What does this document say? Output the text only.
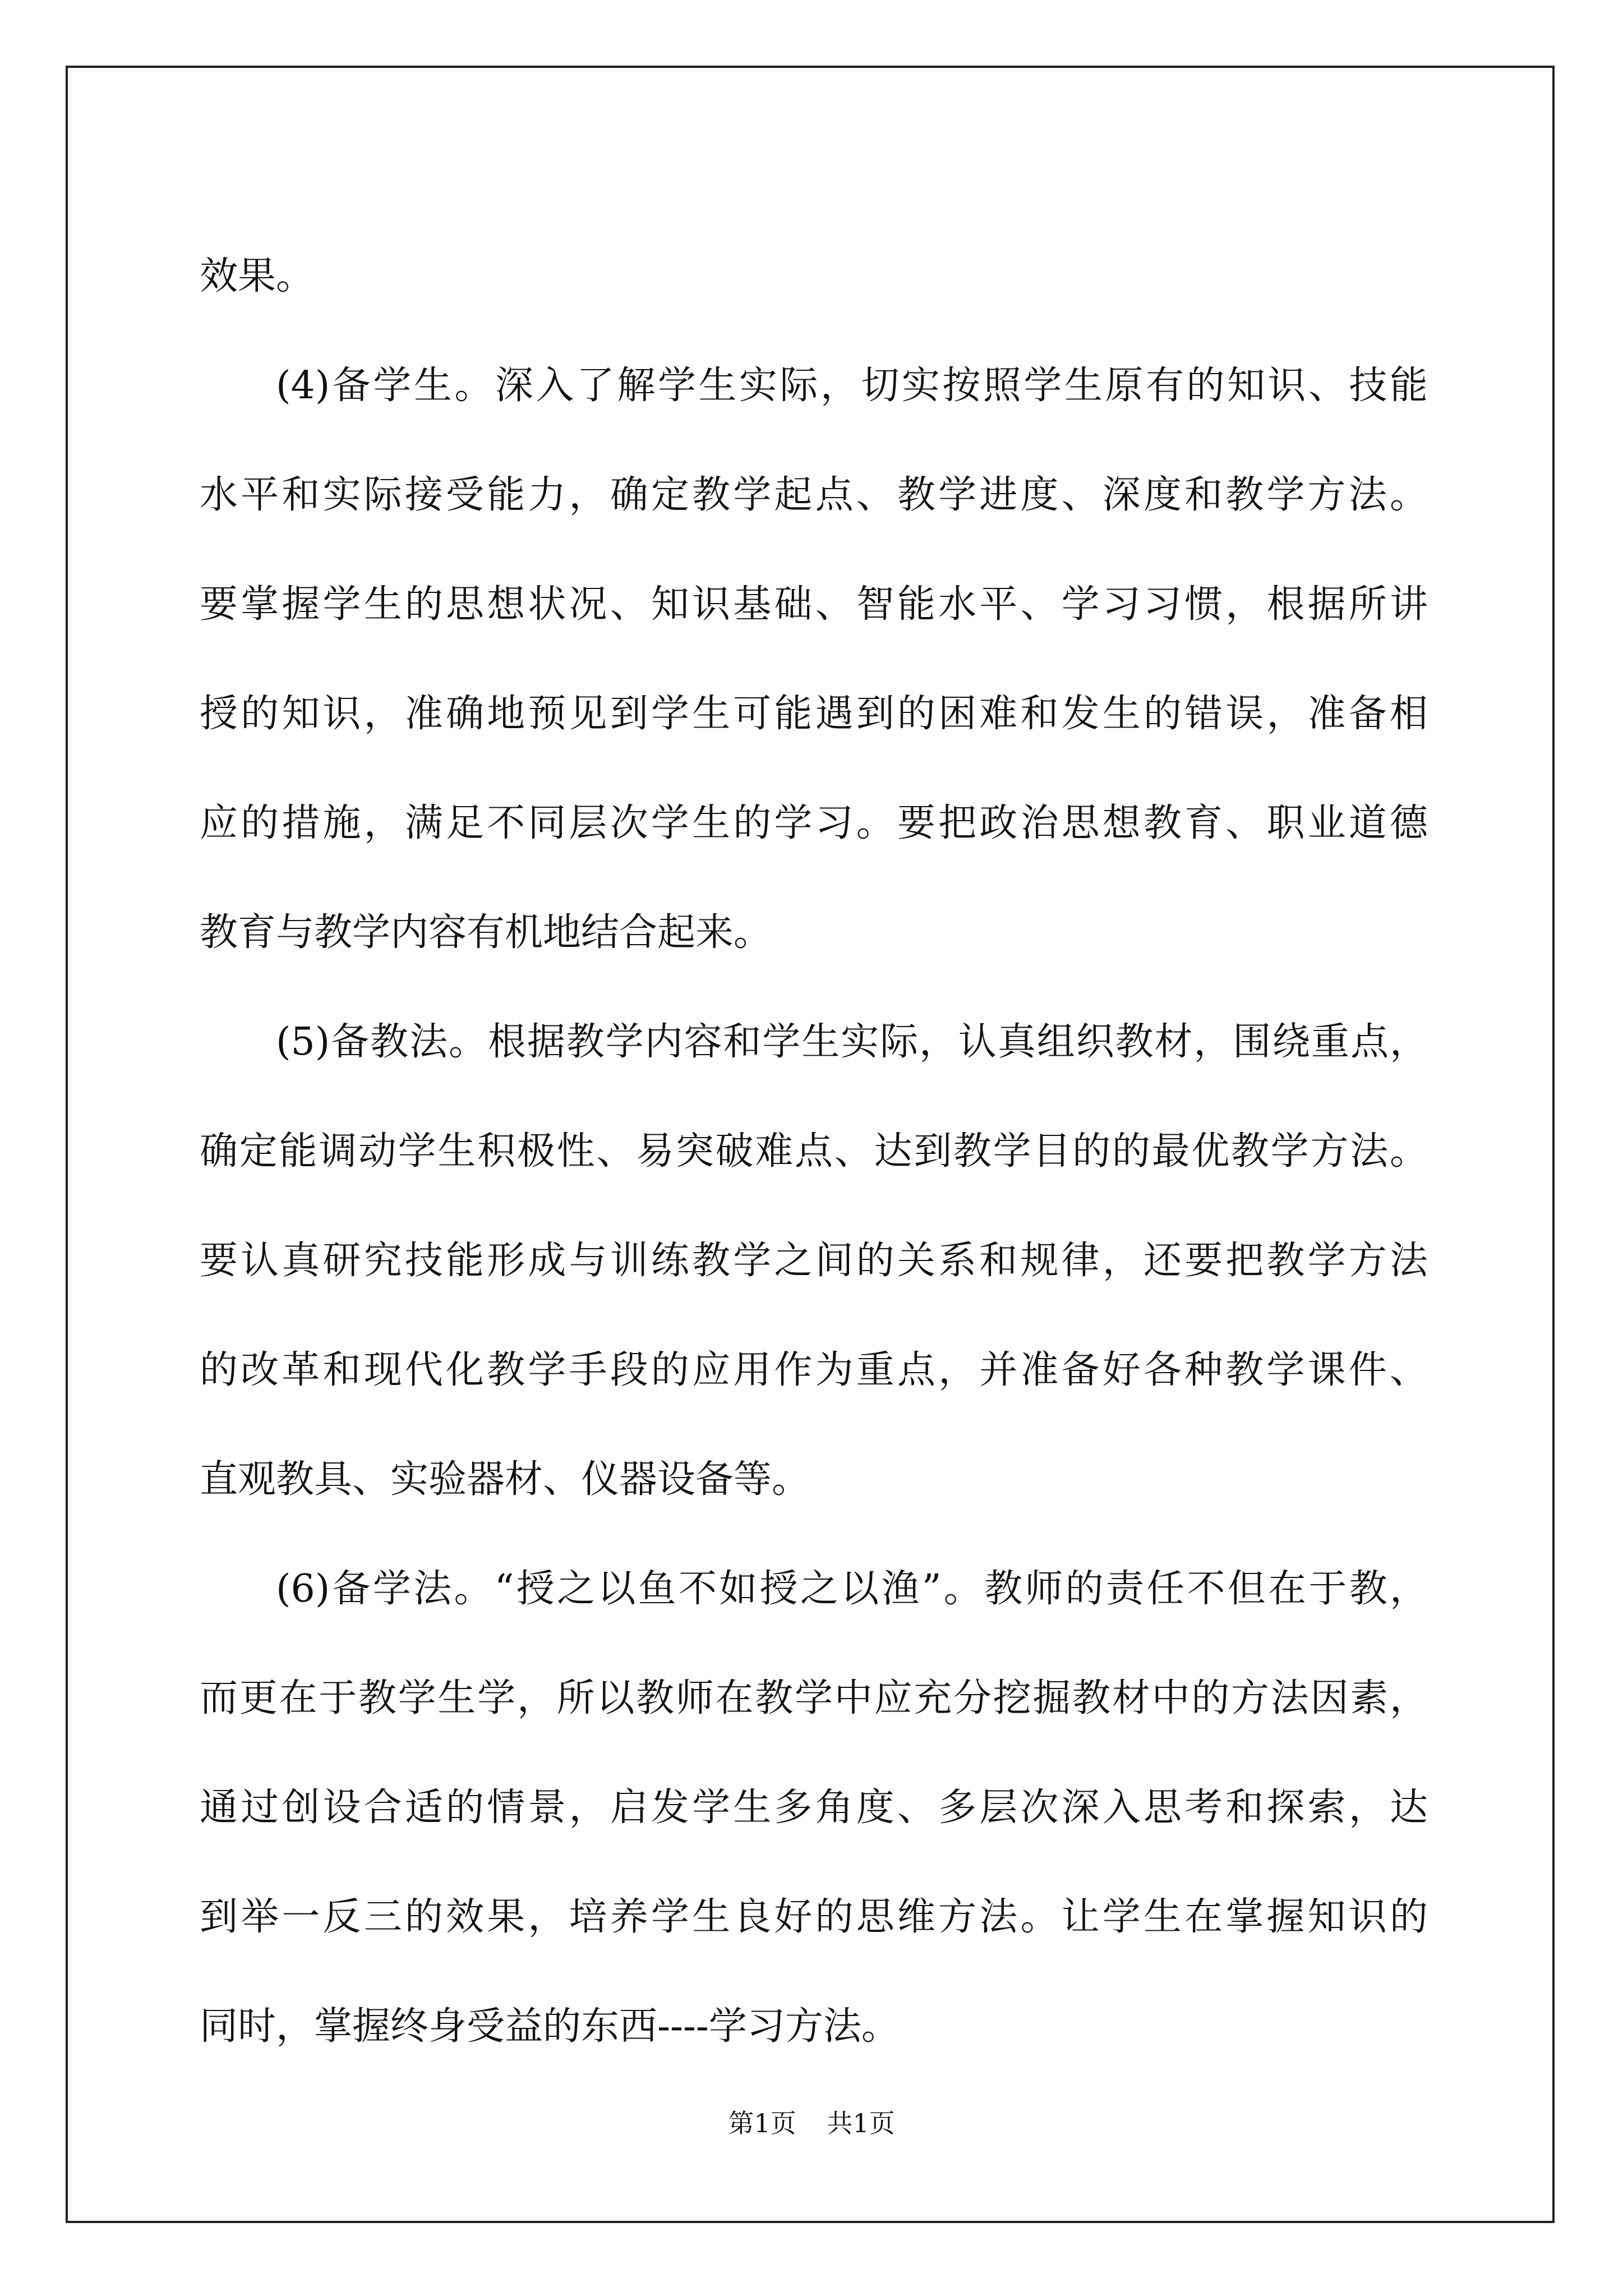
效果。
(4)备学生。深入了解学生实际，切实按照学生原有的知识、技能
水平和实际接受能力，确定教学起点、教学进度、深度和教学方法。
要掌握学生的思想状况、知识基础、智能水平、学习习惯，根据所讲
授的知识，准确地预见到学生可能遇到的困难和发生的错误，准备相
应的措施，满足不同层次学生的学习。要把政治思想教育、职业道德
教育与教学内容有机地结合起来。
(5)备教法。根据教学内容和学生实际，认真组织教材，围绕重点，
确定能调动学生积极性、易突破难点、达到教学目的的最优教学方法。
要认真研究技能形成与训练教学之间的关系和规律，还要把教学方法
的改革和现代化教学手段的应用作为重点，并准备好各种教学课件、
直观教具、实验器材、仪器设备等。
(6)备学法。“授之以鱼不如授之以渔”。教师的责任不但在于教，
而更在于教学生学，所以教师在教学中应充分挖掘教材中的方法因素，
通过创设合适的情景，启发学生多角度、多层次深入思考和探索，达
到举一反三的效果，培养学生良好的思维方法。让学生在掌握知识的
同时，掌握终身受益的东西----学习方法。
第1页 共1页
